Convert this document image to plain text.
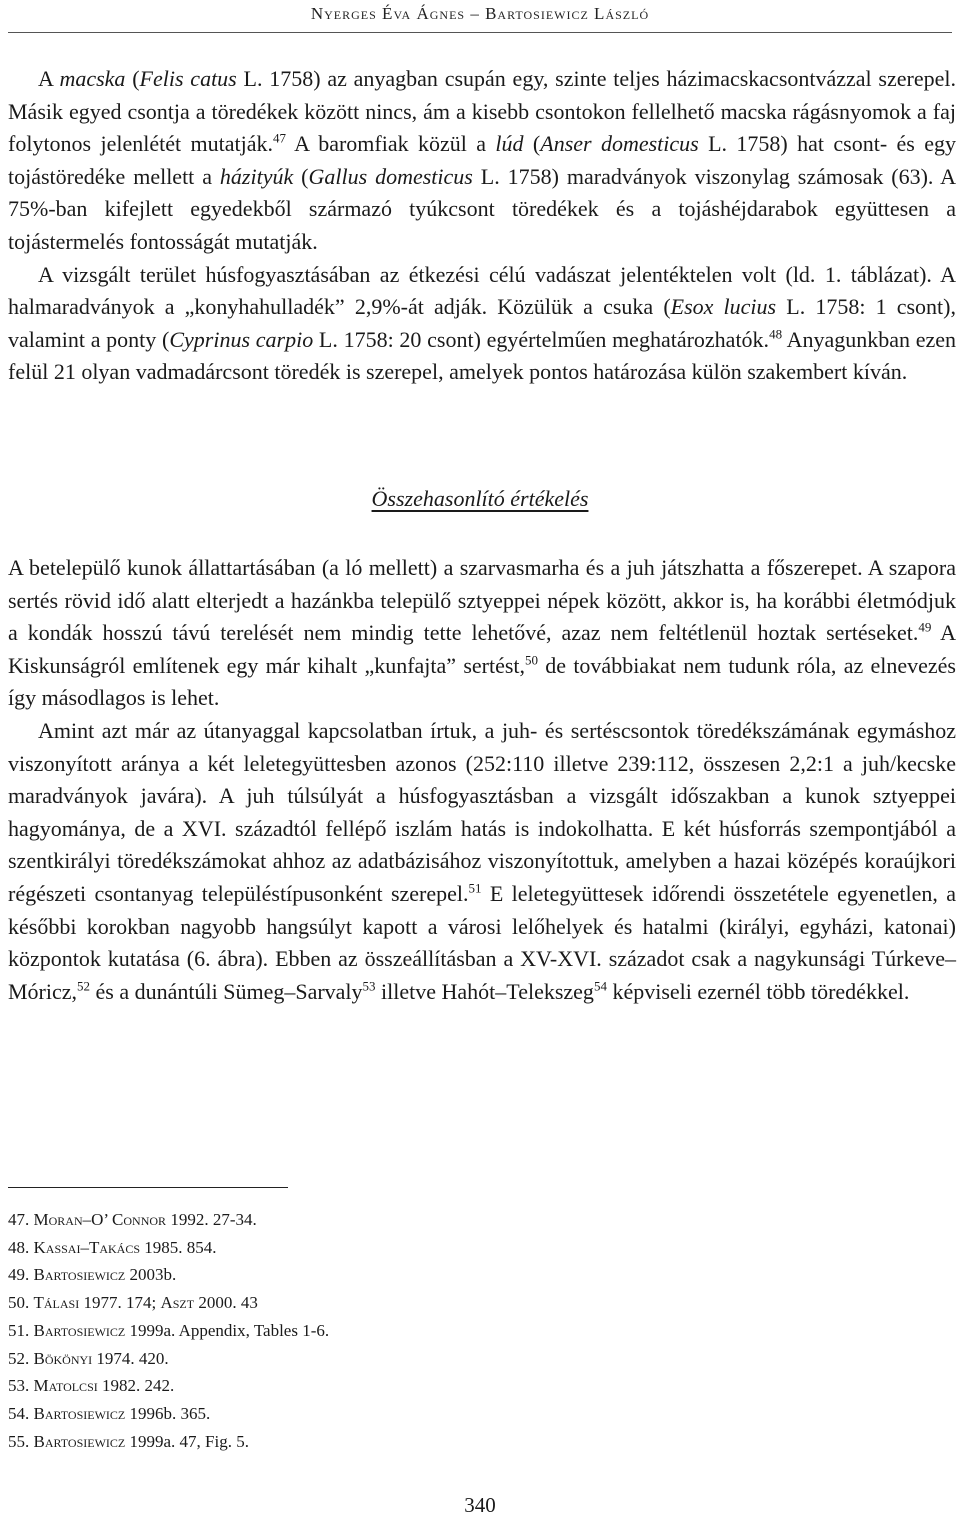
Nyerges Éva Ágnes – Bartosiewicz László

A macska (Felis catus L. 1758) az anyagban csupán egy, szinte teljes házimacskacsontvázzal szerepel. Másik egyed csontja a töredékek között nincs, ám a kisebb csontokon fellelhető macska rágásnyomok a faj folytonos jelenlétét mutatják.$^{47}$ A baromfiak közül a lúd (Anser domesticus L. 1758) hat csont- és egy tojástöredéke mellett a házityúk (Gallus domesticus L. 1758) maradványok viszonylag számosak (63). A 75%-ban kifejlett egyedekből származó tyúkcsont töredékek és a tojáshéjdarabok együttesen a tojástermelés fontosságát mutatják.

A vizsgált terület húsfogyasztásában az étkezési célú vadászat jelentéktelen volt (ld. 1. táblázat). A halmaradványok a „konyhahulladék” 2,9%-át adják. Közülük a csuka (Esox lucius L. 1758: 1 csont), valamint a ponty (Cyprinus carpio L. 1758: 20 csont) egyértelműen meghatározhatók.$^{48}$ Anyagunkban ezen felül 21 olyan vadmadárcsont töredék is szerepel, amelyek pontos határozása külön szakembert kíván.

Összehasonlító értékelés

A betelepülő kunok állattartásában (a ló mellett) a szarvasmarha és a juh játszhatta a főszerepet. A szapora sertés rövid idő alatt elterjedt a hazánkba települő sztyeppei népek között, akkor is, ha korábbi életmódjuk a kondák hosszú távú terelését nem mindig tette lehetővé, azaz nem feltétlenül hoztak sertéseket.$^{49}$ A Kiskunságról említenek egy már kihalt „kunfajta” sertést,$^{50}$ de továbbiakat nem tudunk róla, az elnevezés így másodlagos is lehet.

Amint azt már az útanyaggal kapcsolatban írtuk, a juh- és sertéscsontok töredékszámának egymáshoz viszonyított aránya a két leletegyüttesben azonos (252:110 illetve 239:112, összesen 2,2:1 a juh/kecske maradványok javára). A juh túlsúlyát a húsfogyasztásban a vizsgált időszakban a kunok sztyeppei hagyománya, de a XVI. századtól fellépő iszlám hatás is indokolhatta. E két húsforrás szempontjából a szentkirályi töredékszámokat ahhoz az adatbázisához viszonyítottuk, amelyben a hazai középés koraújkori régészeti csontanyag településtípusonként szerepel.$^{51}$ E leletegyüttesek időrendi összetétele egyenetlen, a későbbi korokban nagyobb hangsúlyt kapott a városi lelőhelyek és hatalmi (királyi, egyházi, katonai) központok kutatása (6. ábra). Ebben az összeállításban a XV-XVI. századot csak a nagykunsági Túrkeve–Móricz,$^{52}$ és a dunántúli Sümeg–Sarvaly$^{53}$ illetve Hahót–Telekszeg$^{54}$ képviseli ezernél több töredékkel.

47. Moran–O’ Connor 1992. 27-34.
48. Kassai–Takács 1985. 854.
49. Bartosiewicz 2003b.
50. Tálasi 1977. 174; Aszt 2000. 43
51. Bartosiewicz 1999a. Appendix, Tables 1-6.
52. Bökönyi 1974. 420.
53. Matolcsi 1982. 242.
54. Bartosiewicz 1996b. 365.
55. Bartosiewicz 1999a. 47, Fig. 5.
340
